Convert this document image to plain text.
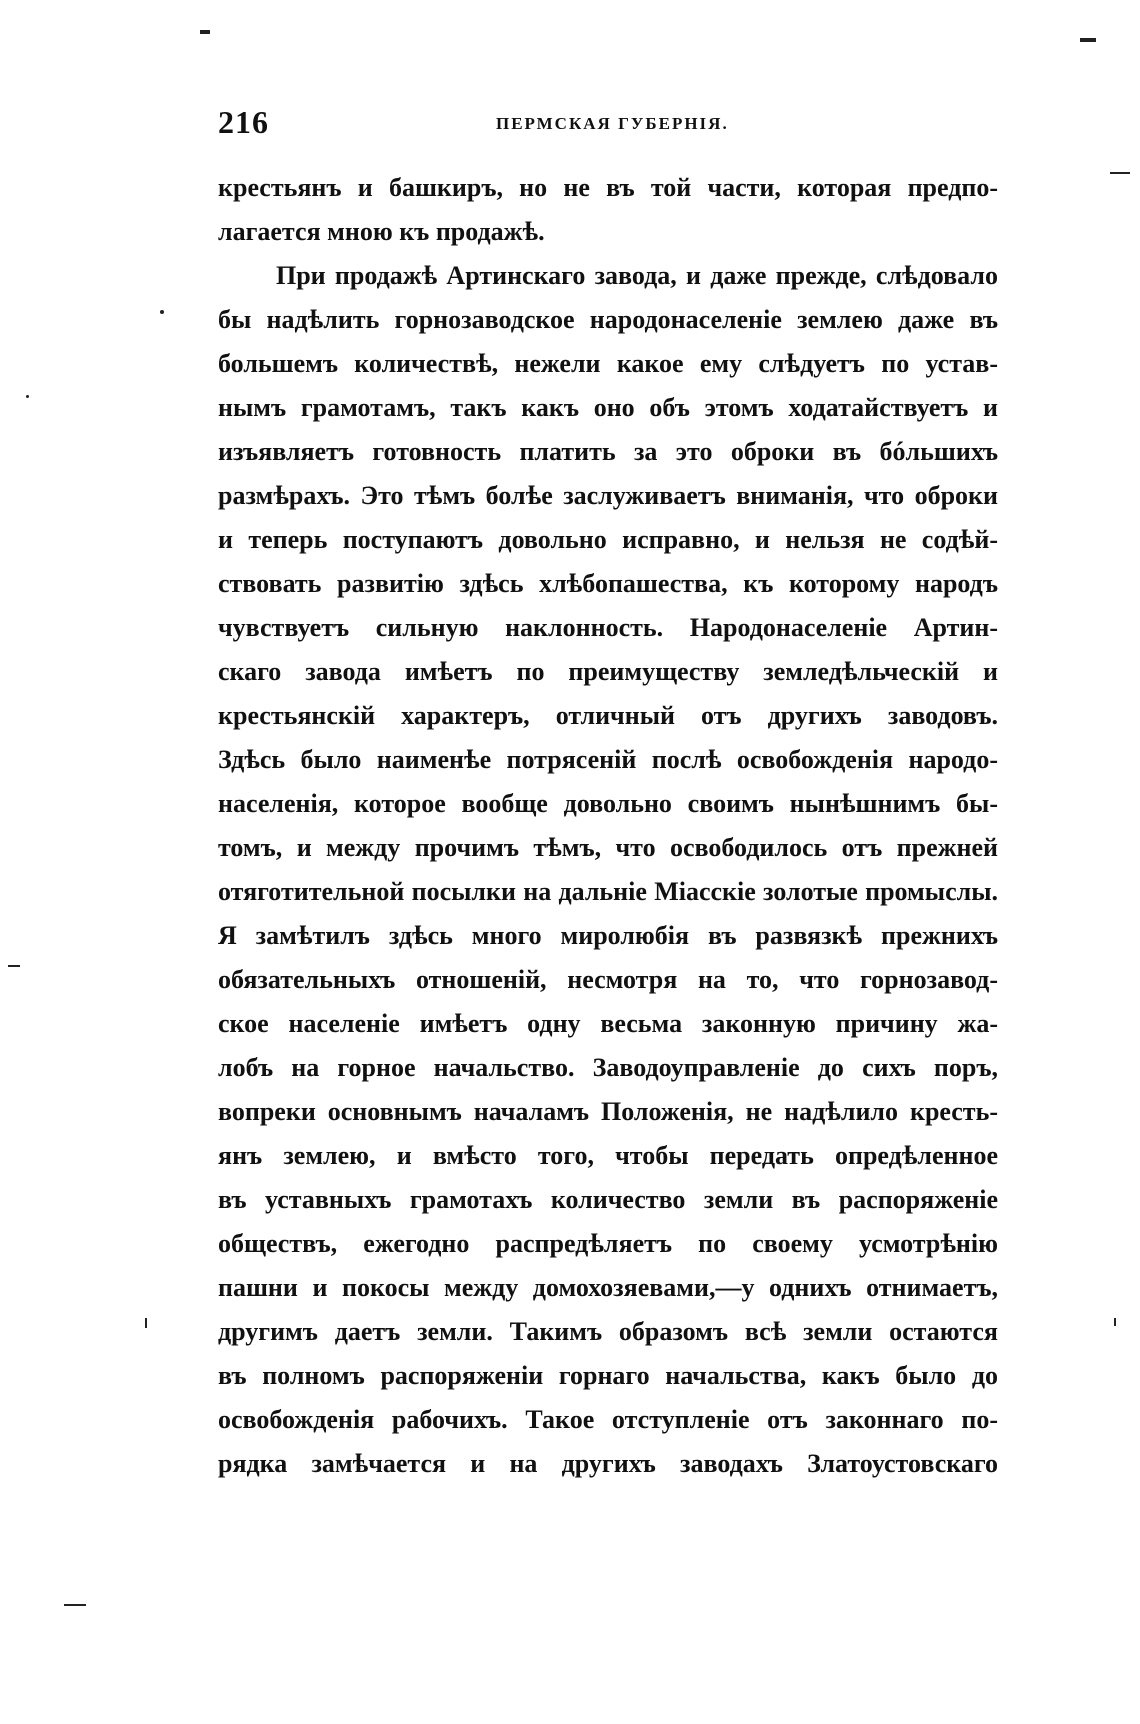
216	ПЕРМСКАЯ ГУБЕРНІЯ.
крестьянъ и башкиръ, но не въ той части, которая предпо-
лагается мною къ продажѣ.
При продажѣ Артинскаго завода, и даже прежде, слѣдовало
бы надѣлить горнозаводское народонаселеніе землею даже въ
большемъ количествѣ, нежели какое ему слѣдуетъ по устав-
нымъ грамотамъ, такъ какъ оно объ этомъ ходатайствуетъ и
изъявляетъ готовность платить за это оброки въ бóльшихъ
размѣрахъ. Это тѣмъ болѣе заслуживаетъ вниманія, что оброки
и теперь поступаютъ довольно исправно, и нельзя не содѣй-
ствовать развитію здѣсь хлѣбопашества, къ которому народъ
чувствуетъ сильную наклонность. Народонаселеніе Артин-
скаго завода имѣетъ по преимуществу земледѣльческій и
крестьянскій характеръ, отличный отъ другихъ заводовъ.
Здѣсь было наименѣе потрясеній послѣ освобожденія народо-
населенія, которое вообще довольно своимъ нынѣшнимъ бы-
томъ, и между прочимъ тѣмъ, что освободилось отъ прежней
отяготительной посылки на дальніе Міасскіе золотые промыслы.
Я замѣтилъ здѣсь много миролюбія въ развязкѣ прежнихъ
обязательныхъ отношеній, несмотря на то, что горнозавод-
ское населеніе имѣетъ одну весьма законную причину жа-
лобъ на горное начальство. Заводоуправленіе до сихъ поръ,
вопреки основнымъ началамъ Положенія, не надѣлило кресть-
янъ землею, и вмѣсто того, чтобы передать опредѣленное
въ уставныхъ грамотахъ количество земли въ распоряженіе
обществъ, ежегодно распредѣляетъ по своему усмотрѣнію
пашни и покосы между домохозяевами,—у однихъ отнимаетъ,
другимъ даетъ земли. Такимъ образомъ всѣ земли остаются
въ полномъ распоряженіи горнаго начальства, какъ было до
освобожденія рабочихъ. Такое отступленіе отъ законнаго по-
рядка замѣчается и на другихъ заводахъ Златоустовскаго
